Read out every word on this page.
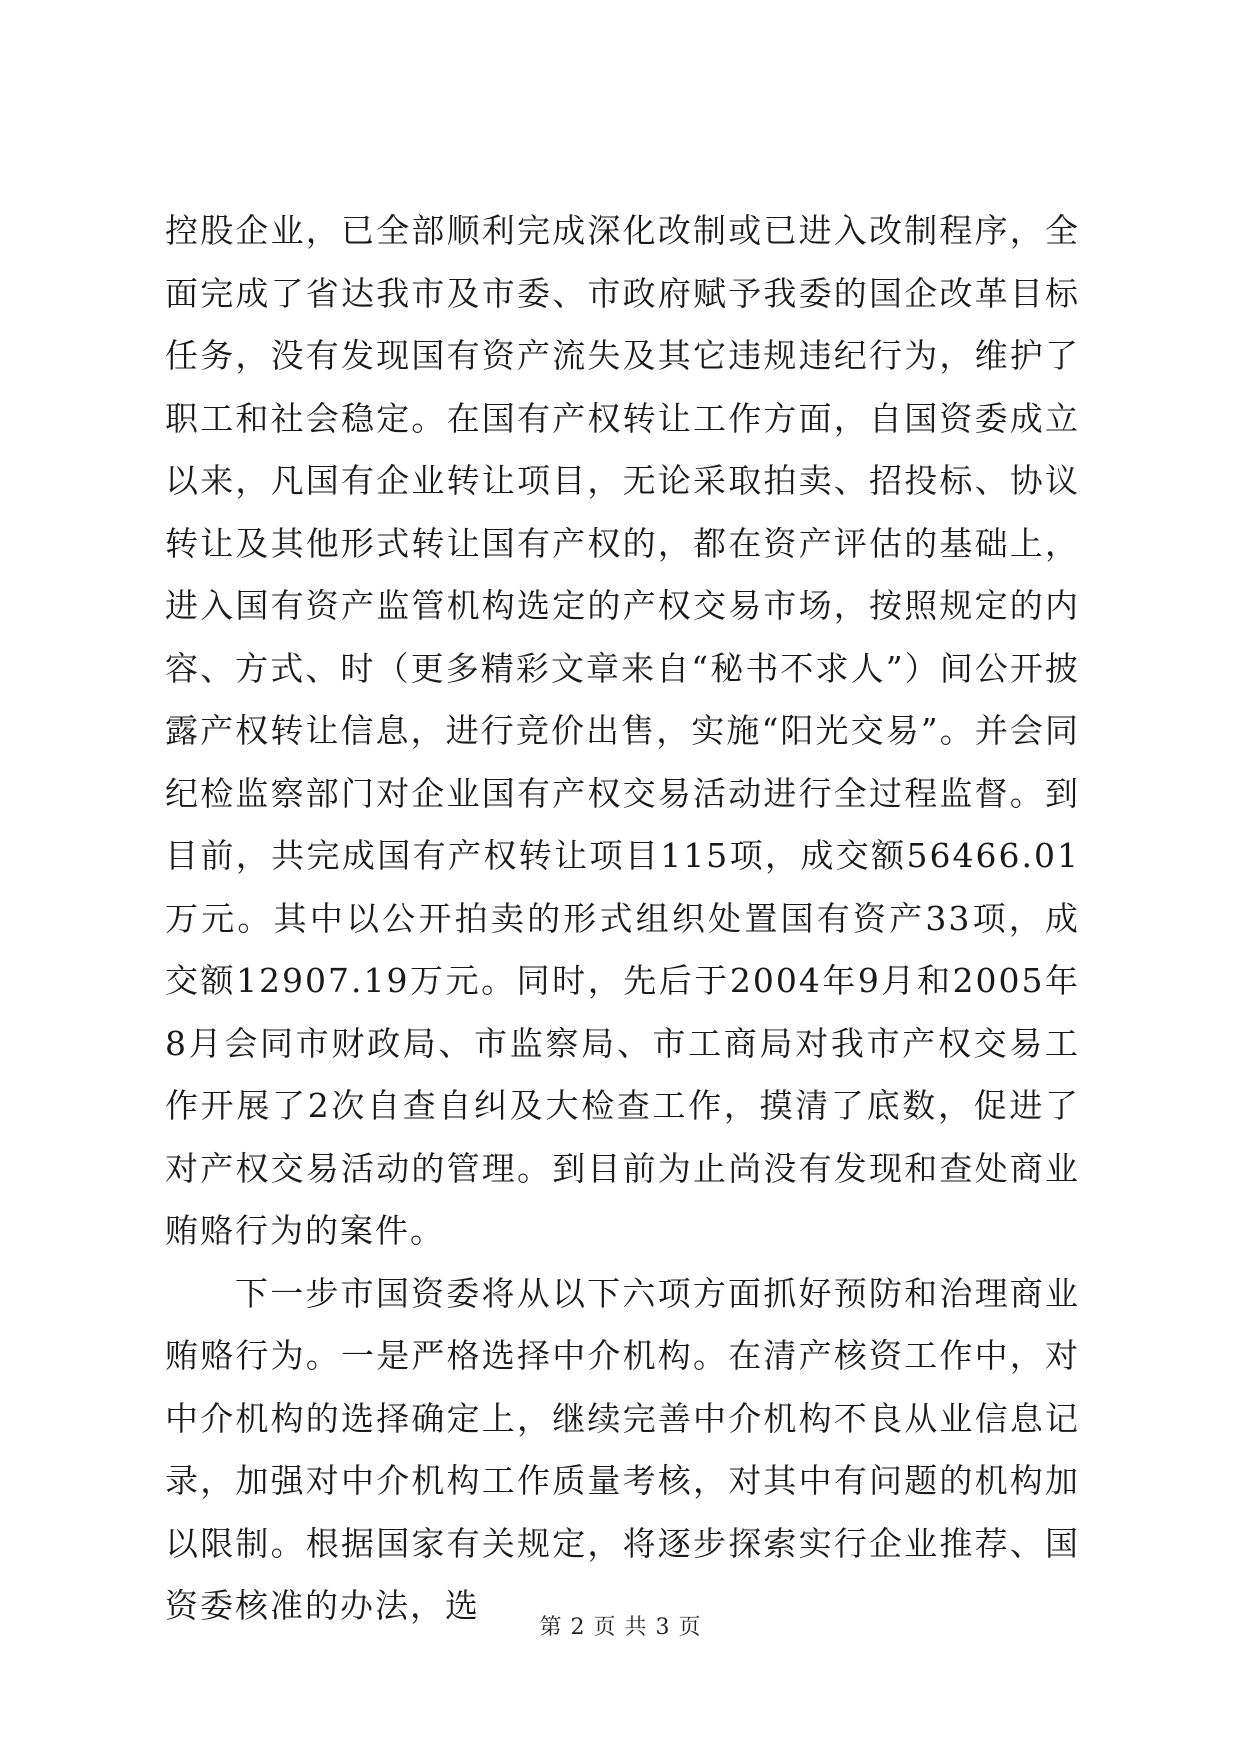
控股企业，已全部顺利完成深化改制或已进入改制程序，全面完成了省达我市及市委、市政府赋予我委的国企改革目标任务，没有发现国有资产流失及其它违规违纪行为，维护了职工和社会稳定。在国有产权转让工作方面，自国资委成立以来，凡国有企业转让项目，无论采取拍卖、招投标、协议转让及其他形式转让国有产权的，都在资产评估的基础上，进入国有资产监管机构选定的产权交易市场，按照规定的内容、方式、时（更多精彩文章来自“秘书不求人”）间公开披露产权转让信息，进行竞价出售，实施“阳光交易”。并会同纪检监察部门对企业国有产权交易活动进行全过程监督。到目前，共完成国有产权转让项目115项，成交额56466.01万元。其中以公开拍卖的形式组织处置国有资产33项，成交额12907.19万元。同时，先后于2004年9月和2005年8月会同市财政局、市监察局、市工商局对我市产权交易工作开展了2次自查自纠及大检查工作，摸清了底数，促进了对产权交易活动的管理。到目前为止尚没有发现和查处商业贿赂行为的案件。

下一步市国资委将从以下六项方面抓好预防和治理商业贿赂行为。一是严格选择中介机构。在清产核资工作中，对中介机构的选择确定上，继续完善中介机构不良从业信息记录，加强对中介机构工作质量考核，对其中有问题的机构加以限制。根据国家有关规定，将逐步探索实行企业推荐、国资委核准的办法，选

第 2 页 共 3 页
